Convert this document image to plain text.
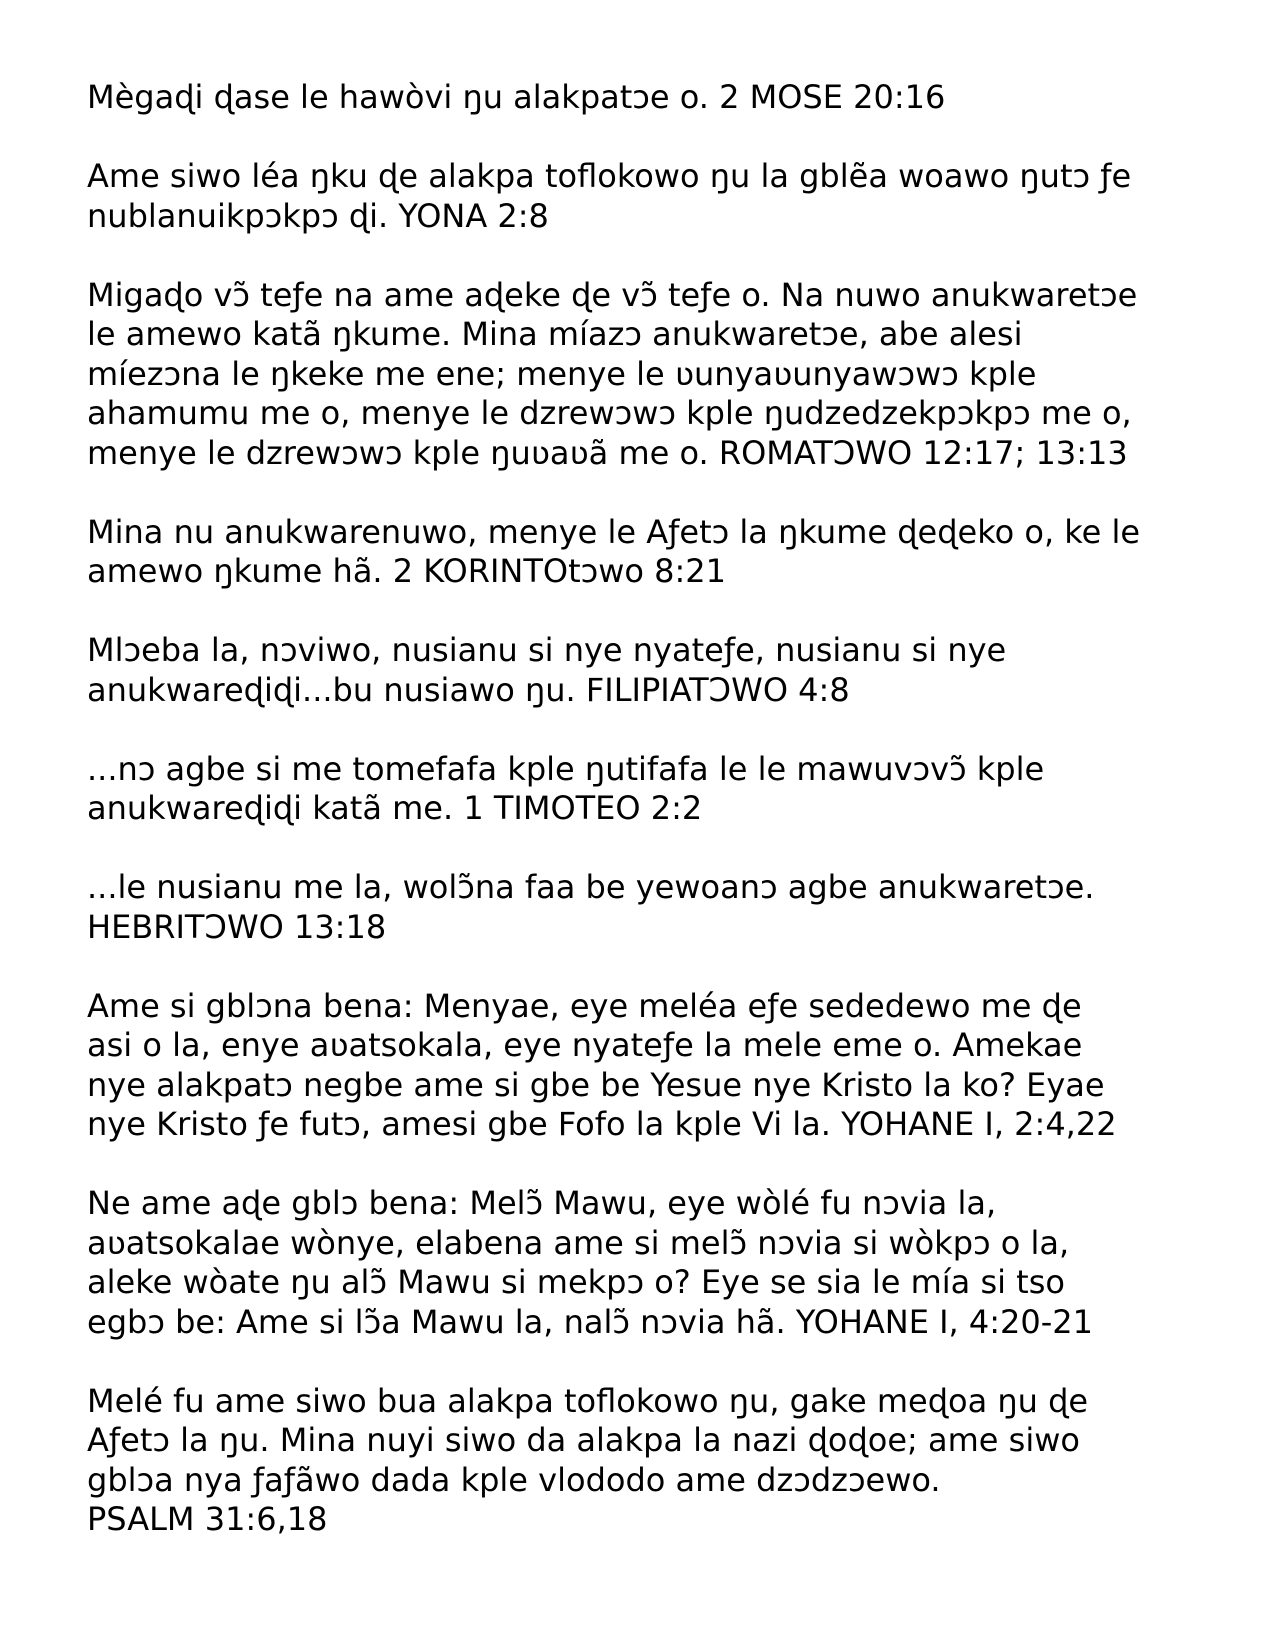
Mègaɖi ɖase le hawòvi ŋu alakpatɔe o. 2 MOSE 20:16
Ame siwo léa ŋku ɖe alakpa toflokowo ŋu la gblẽa woawo ŋutɔ ƒe
nublanuikpɔkpɔ ɖi. YONA 2:8
Migaɖo vɔ̃ teƒe na ame aɖeke ɖe vɔ̃ teƒe o. Na nuwo anukwaretɔe
le amewo katã ŋkume. Mina míazɔ anukwaretɔe, abe alesi
míezɔna le ŋkeke me ene; menye le ʋunyaʋunyawɔwɔ kple
ahamumu me o, menye le dzrewɔwɔ kple ŋudzedzekpɔkpɔ me o,
menye le dzrewɔwɔ kple ŋuʋaʋã me o. ROMATƆWO 12:17; 13:13
Mina nu anukwarenuwo, menye le Aƒetɔ la ŋkume ɖeɖeko o, ke le
amewo ŋkume hã. 2 KORINTOtɔwo 8:21
Mlɔeba la, nɔviwo, nusianu si nye nyateƒe, nusianu si nye
anukwareɖiɖi...bu nusiawo ŋu. FILIPIATƆWO 4:8
...nɔ agbe si me tomefafa kple ŋutifafa le le mawuvɔvɔ̃ kple
anukwareɖiɖi katã me. 1 TIMOTEO 2:2
...le nusianu me la, wolɔ̃na faa be yewoanɔ agbe anukwaretɔe.
HEBRITƆWO 13:18
Ame si gblɔna bena: Menyae, eye meléa eƒe sededewo me ɖe
asi o la, enye aʋatsokala, eye nyateƒe la mele eme o. Amekae
nye alakpatɔ negbe ame si gbe be Yesue nye Kristo la ko? Eyae
nye Kristo ƒe futɔ, amesi gbe Fofo la kple Vi la. YOHANE I, 2:4,22
Ne ame aɖe gblɔ bena: Melɔ̃ Mawu, eye wòlé fu nɔvia la,
aʋatsokalae wònye, elabena ame si melɔ̃ nɔvia si wòkpɔ o la,
aleke wòate ŋu alɔ̃ Mawu si mekpɔ o? Eye se sia le mía si tso
egbɔ be: Ame si lɔ̃a Mawu la, nalɔ̃ nɔvia hã. YOHANE I, 4:20-21
Melé fu ame siwo bua alakpa toflokowo ŋu, gake meɖoa ŋu ɖe
Aƒetɔ la ŋu. Mina nuyi siwo da alakpa la nazi ɖoɖoe; ame siwo
gblɔa nya ƒaƒãwo dada kple vlododo ame dzɔdzɔewo.
PSALM 31:6,18
